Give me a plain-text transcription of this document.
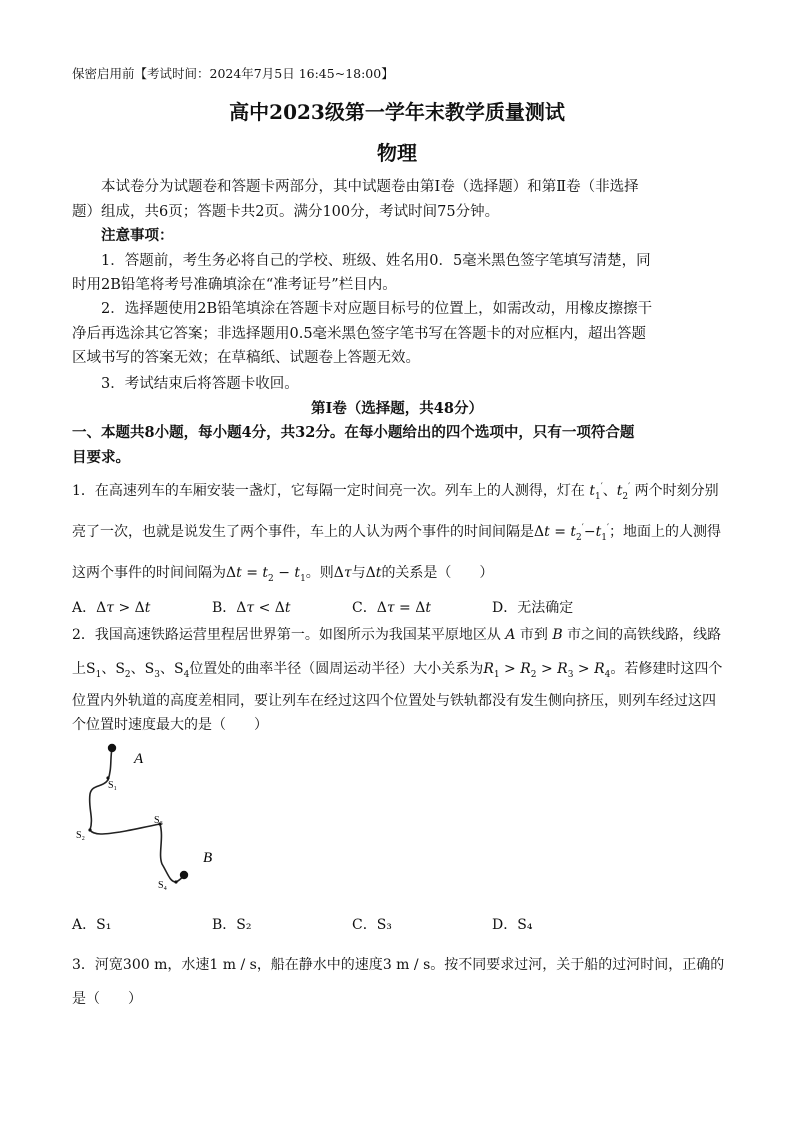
保密启用前【考试时间：2024年7月5日 16:45~18:00】
高中2023级第一学年末教学质量测试
物理
本试卷分为试题卷和答题卡两部分，其中试题卷由第Ⅰ卷（选择题）和第Ⅱ卷（非选择
题）组成，共6页；答题卡共2页。满分100分，考试时间75分钟。
注意事项：
1．答题前，考生务必将自己的学校、班级、姓名用0．5毫米黑色签字笔填写清楚，同
时用2B铅笔将考号准确填涂在“准考证号”栏目内。
2．选择题使用2B铅笔填涂在答题卡对应题目标号的位置上，如需改动，用橡皮擦擦干
净后再选涂其它答案；非选择题用0.5毫米黑色签字笔书写在答题卡的对应框内，超出答题
区域书写的答案无效；在草稿纸、试题卷上答题无效。
3．考试结束后将答题卡收回。
第Ⅰ卷（选择题，共48分）
一、本题共8小题，每小题4分，共32分。在每小题给出的四个选项中，只有一项符合题
目要求。
1．在高速列车的车厢安装一盏灯，它每隔一定时间亮一次。列车上的人测得，灯在 $t_1'$、$t_2'$ 两个时刻分别
亮了一次，也就是说发生了两个事件，车上的人认为两个事件的时间间隔是$\Delta t = t_2'-t_1'$；地面上的人测得
这两个事件的时间间隔为$\Delta t = t_2 - t_1$。则Δτ与Δt的关系是（　　）
A．Δτ > Δt	B．Δτ < Δt	C．Δτ = Δt	D．无法确定
2．我国高速铁路运营里程居世界第一。如图所示为我国某平原地区从 A 市到 B 市之间的高铁线路，线路
上$S_1$、$S_2$、$S_3$、$S_4$位置处的曲率半径（圆周运动半径）大小关系为$R_1 > R_2 > R_3 > R_4$。若修建时这四个
位置内外轨道的高度差相同，要让列车在经过这四个位置处与铁轨都没有发生侧向挤压，则列车经过这四
个位置时速度最大的是（　　）
A
B
S₁
S₂
S₃
S₄
A．S₁	B．S₂	C．S₃	D．S₄
3．河宽300 m，水速1 m / s，船在静水中的速度3 m / s。按不同要求过河，关于船的过河时间，正确的
是（　　）
